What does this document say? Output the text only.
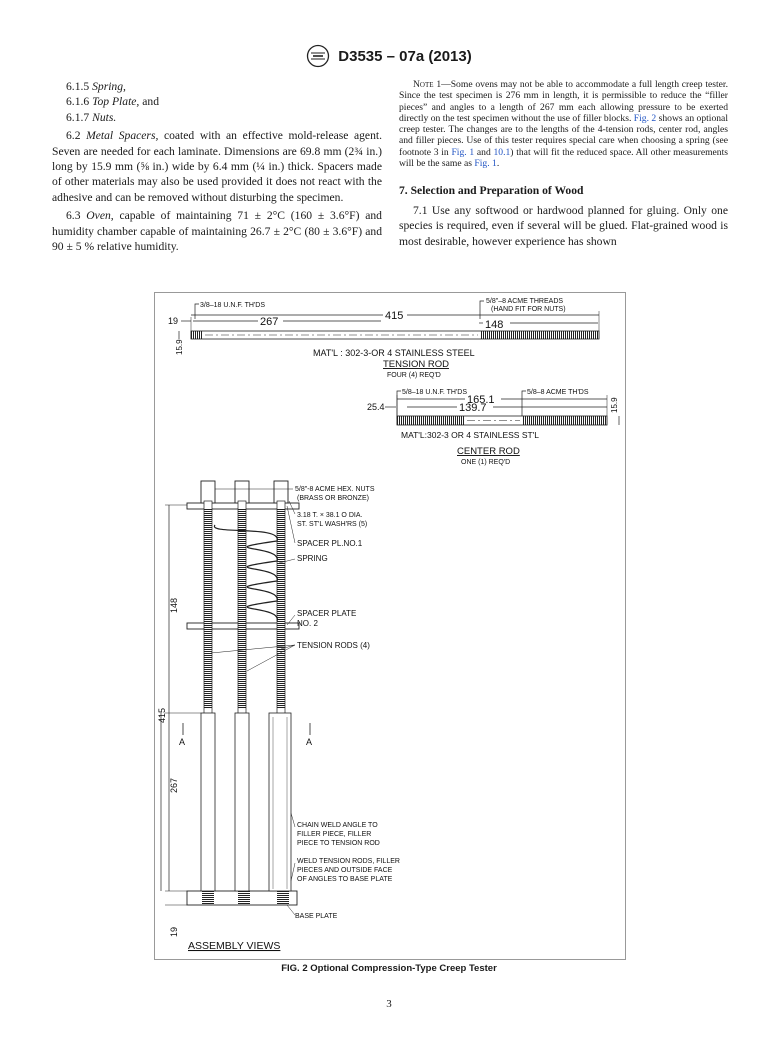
D3535 – 07a (2013)

6.1.5 Spring,

6.1.6 Top Plate, and

6.1.7 Nuts.

6.2 Metal Spacers, coated with an effective mold-release agent. Seven are needed for each laminate. Dimensions are 69.8 mm (2¾ in.) long by 15.9 mm (⅝ in.) wide by 6.4 mm (¼ in.) thick. Spacers made of other materials may also be used provided it does not react with the adhesive and can be removed without disturbing the specimen.

6.3 Oven, capable of maintaining 71 ± 2°C (160 ± 3.6°F) and humidity chamber capable of maintaining 26.7 ± 2°C (80 ± 3.6°F) and 90 ± 5 % relative humidity.

Note 1—Some ovens may not be able to accommodate a full length creep tester. Since the test specimen is 276 mm in length, it is permissible to reduce the “filler pieces” and angles to a length of 267 mm each allowing pressure to be exerted directly on the test specimen without the use of filler blocks. Fig. 2 shows an optional creep tester. The changes are to the lengths of the 4-tension rods, center rod, angles and filler pieces. Use of this tester requires special care when choosing a spring (see footnote 3 in Fig. 1 and 10.1) that will fit the reduced space. All other measurements will be the same as Fig. 1.

7. Selection and Preparation of Wood

7.1 Use any softwood or hardwood planned for gluing. Only one species is required, even if several will be glued. Flat-grained wood is most desirable, however experience has shown

3/8–18 U.N.F. TH'DS
5/8"–8 ACME THREADS
(HAND FIT FOR NUTS)
19	267	415
148
15.9	MAT'L : 302-3-OR 4 STAINLESS STEEL
TENSION ROD
FOUR (4) REQ'D
5/8–18 U.N.F. TH'DS	5/8–8 ACME TH'DS
165.1
139.7
25.4	15.9
MAT'L:302-3 OR 4 STAINLESS ST'L
CENTER ROD
ONE (1) REQ'D
148
415
267
19
A	A
5/8"-8 ACME HEX. NUTS
(BRASS OR BRONZE)
3.18 T. × 38.1 O DIA.
ST. ST'L WASH'RS (5)
SPACER PL.NO.1
SPRING
SPACER PLATE
NO. 2
TENSION RODS (4)
CHAIN WELD ANGLE TO
FILLER PIECE, FILLER
PIECE TO TENSION ROD
WELD TENSION RODS, FILLER
PIECES AND OUTSIDE FACE
OF ANGLES TO BASE PLATE
BASE PLATE
ASSEMBLY VIEWS
FIG. 2 Optional Compression-Type Creep Tester
3
